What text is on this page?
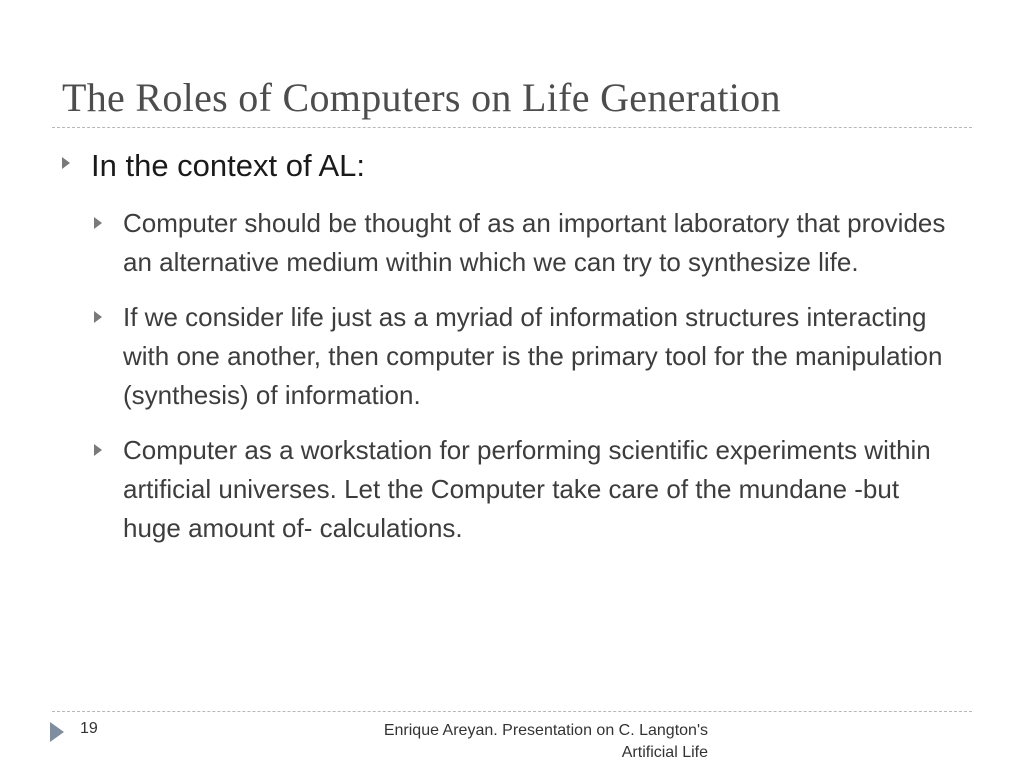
The Roles of Computers on Life Generation
In the context of AL:
Computer should be thought of as an important laboratory that provides an alternative medium within which we can try to synthesize life.
If we consider life just as a myriad of information structures interacting with one another, then computer is the primary tool for the manipulation (synthesis) of information.
Computer as a workstation for performing scientific experiments within artificial universes. Let the Computer take care of the mundane -but huge amount of- calculations.
19	Enrique Areyan. Presentation on C. Langton's
Artificial Life
